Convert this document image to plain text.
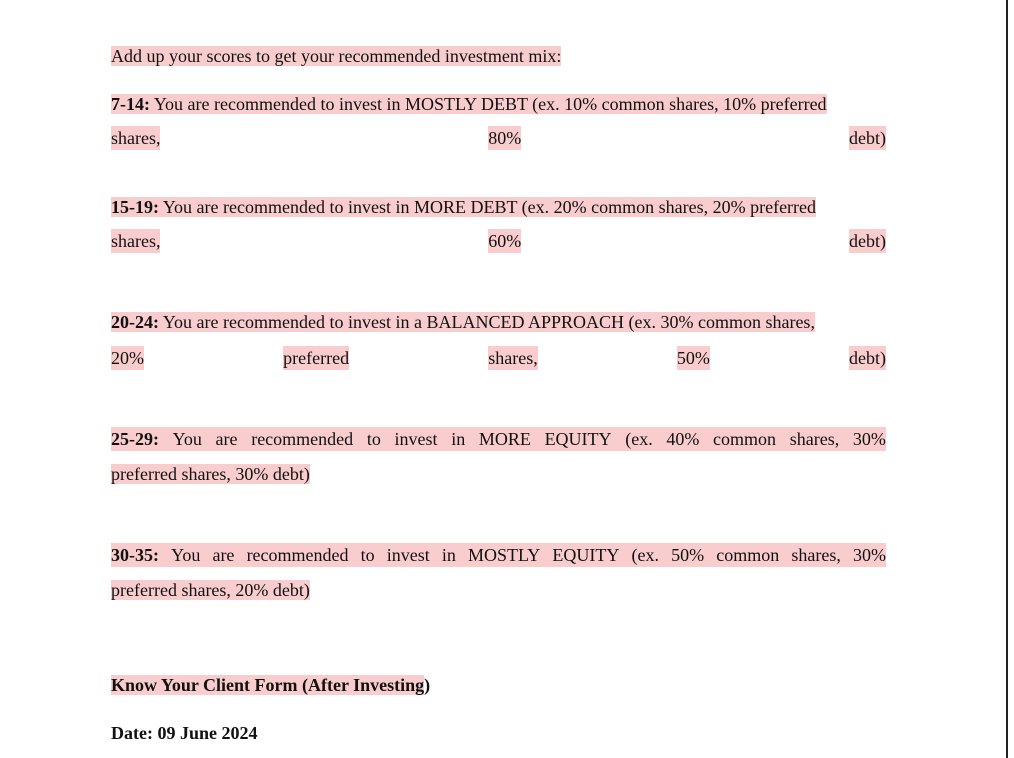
Add up your scores to get your recommended investment mix:
7-14: You are recommended to invest in MOSTLY DEBT (ex. 10% common shares, 10% preferred
shares,	80%	debt)
15-19: You are recommended to invest in MORE DEBT (ex. 20% common shares, 20% preferred
shares,	60%	debt)
20-24: You are recommended to invest in a BALANCED APPROACH (ex. 30% common shares,
20%	preferred	shares,	50%	debt)
25-29: You are recommended to invest in MORE EQUITY (ex. 40% common shares, 30%
preferred shares, 30% debt)
30-35: You are recommended to invest in MOSTLY EQUITY (ex. 50% common shares, 30%
preferred shares, 20% debt)
Know Your Client Form (After Investing)
Date: 09 June 2024
